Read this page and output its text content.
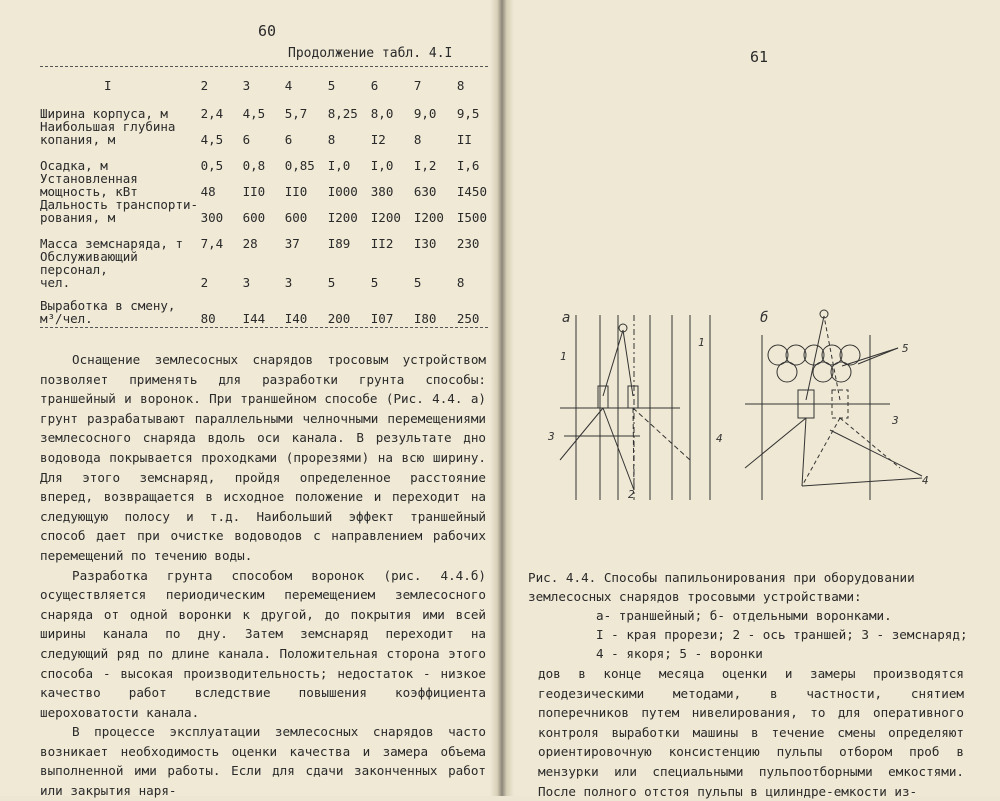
60
Продолжение табл. 4.I
I	2	3	4	5	6	7	8
Ширина корпуса, м	2,4	4,5	5,7	8,25	8,0	9,0	9,5
Наибольшая глубина
копания, м	4,5	6	6	8	I2	8	II
Осадка, м	0,5	0,8	0,85	I,0	I,0	I,2	I,6
Установленная
мощность, кВт	48	II0	II0	I000	380	630	I450
Дальность транспорти-
рования, м	300	600	600	I200	I200	I200	I500
Масса земснаряда, т	7,4	28	37	I89	II2	I30	230
Обслуживающий персонал,
чел.	2	3	3	5	5	5	8
Выработка в смену,
м³/чел.	80	I44	I40	200	I07	I80	250

Оснащение землесосных снарядов тросовым устройством позволяет применять для разработки грунта способы: траншейный и воронок. При траншейном способе (Рис. 4.4. а) грунт разрабатывают параллельными челночными перемещениями землесосного снаряда вдоль оси канала. В результате дно водовода покрывается проходками (прорезями) на всю ширину. Для этого земснаряд, пройдя определенное расстояние вперед, возвращается в исходное положение и переходит на следующую полосу и т.д. Наибольший эффект траншейный способ дает при очистке водоводов с направлением рабочих перемещений по течению воды.

Разработка грунта способом воронок (рис. 4.4.б) осуществляется периодическим перемещением землесосного снаряда от одной воронки к другой, до покрытия ими всей ширины канала по дну. Затем земснаряд переходит на следующий ряд по длине канала. Положительная сторона этого способа - высокая производительность; недостаток - низкое качество работ вследствие повышения коэффициента шероховатости канала.

В процессе эксплуатации землесосных снарядов часто возникает необходимость оценки качества и замера объема выполненной ими работы. Если для сдачи законченных работ или закрытия наря-

61
а
1
1
3	4
2
б
5
3
4

Рис. 4.4. Способы папильонирования при оборудовании землесосных снарядов тросовыми устройствами:

а- траншейный; б- отдельными воронками.

I - края прорези; 2 - ось траншей; 3 - земснаряд;

4 - якоря; 5 - воронки

дов в конце месяца оценки и замеры производятся геодезическими методами, в частности, снятием поперечников путем нивелирования, то для оперативного контроля выработки машины в течение смены определяют ориентировочную консистенцию пульпы отбором проб в мензурки или специальными пульпоотборными емкостями. После полного отстоя пульпы в цилиндре-емкости из-
